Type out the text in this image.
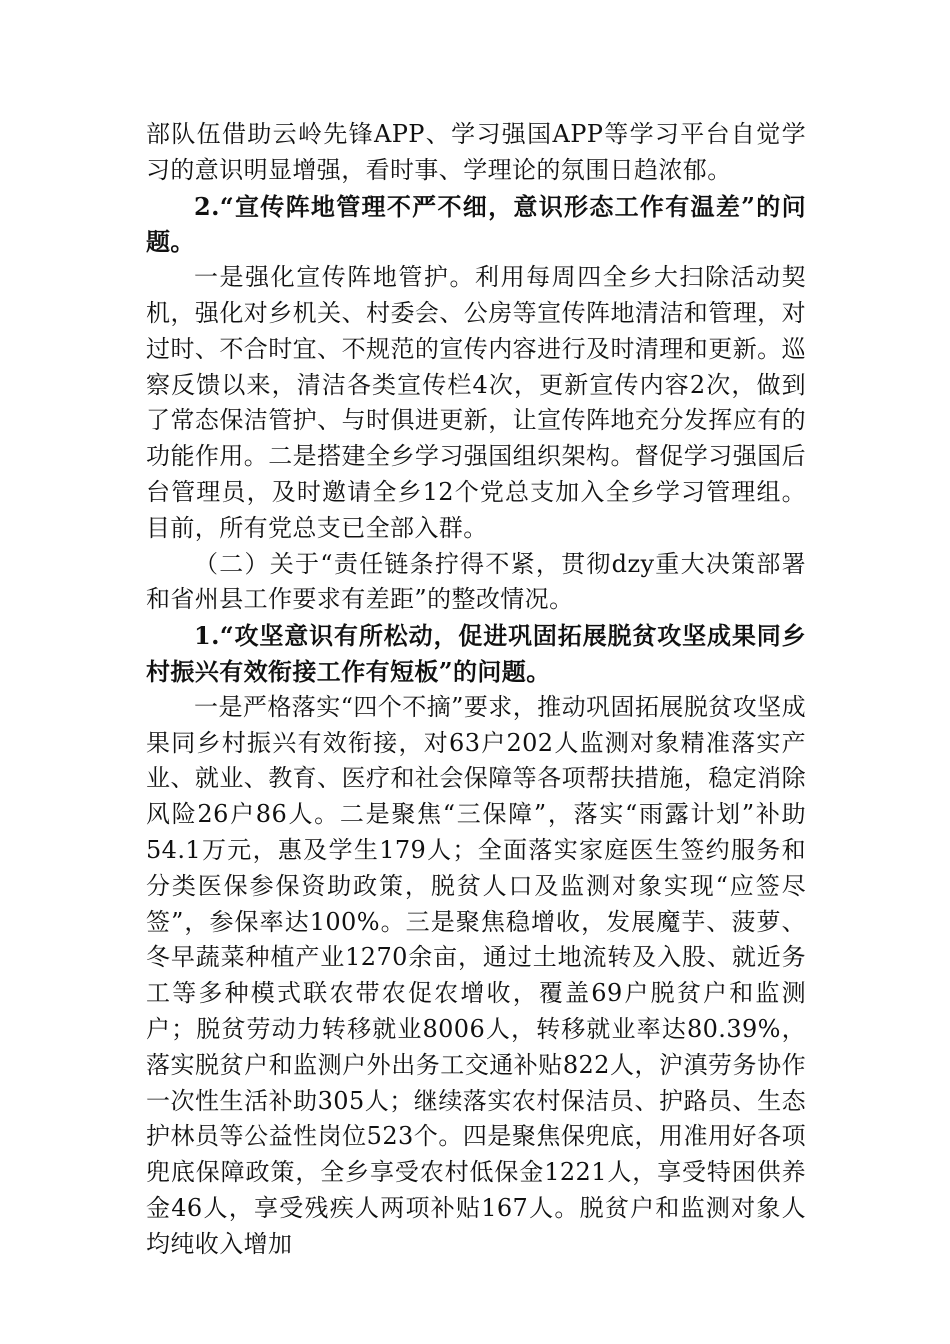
部队伍借助云岭先锋APP、学习强国APP等学习平台自觉学习的意识明显增强，看时事、学理论的氛围日趋浓郁。

2.“宣传阵地管理不严不细，意识形态工作有温差”的问题。

一是强化宣传阵地管护。利用每周四全乡大扫除活动契机，强化对乡机关、村委会、公房等宣传阵地清洁和管理，对过时、不合时宜、不规范的宣传内容进行及时清理和更新。巡察反馈以来，清洁各类宣传栏4次，更新宣传内容2次，做到了常态保洁管护、与时俱进更新，让宣传阵地充分发挥应有的功能作用。二是搭建全乡学习强国组织架构。督促学习强国后台管理员，及时邀请全乡12个党总支加入全乡学习管理组。目前，所有党总支已全部入群。

（二）关于“责任链条拧得不紧，贯彻dzy重大决策部署和省州县工作要求有差距”的整改情况。

1.“攻坚意识有所松动，促进巩固拓展脱贫攻坚成果同乡村振兴有效衔接工作有短板”的问题。

一是严格落实“四个不摘”要求，推动巩固拓展脱贫攻坚成果同乡村振兴有效衔接，对63户202人监测对象精准落实产业、就业、教育、医疗和社会保障等各项帮扶措施，稳定消除风险26户86人。二是聚焦“三保障”，落实“雨露计划”补助54.1万元，惠及学生179人；全面落实家庭医生签约服务和分类医保参保资助政策，脱贫人口及监测对象实现“应签尽签”，参保率达100%。三是聚焦稳增收，发展魔芋、菠萝、冬早蔬菜种植产业1270余亩，通过土地流转及入股、就近务工等多种模式联农带农促农增收，覆盖69户脱贫户和监测户；脱贫劳动力转移就业8006人，转移就业率达80.39%，落实脱贫户和监测户外出务工交通补贴822人，沪滇劳务协作一次性生活补助305人；继续落实农村保洁员、护路员、生态护林员等公益性岗位523个。四是聚焦保兜底，用准用好各项兜底保障政策，全乡享受农村低保金1221人，享受特困供养金46人，享受残疾人两项补贴167人。脱贫户和监测对象人均纯收入增加
